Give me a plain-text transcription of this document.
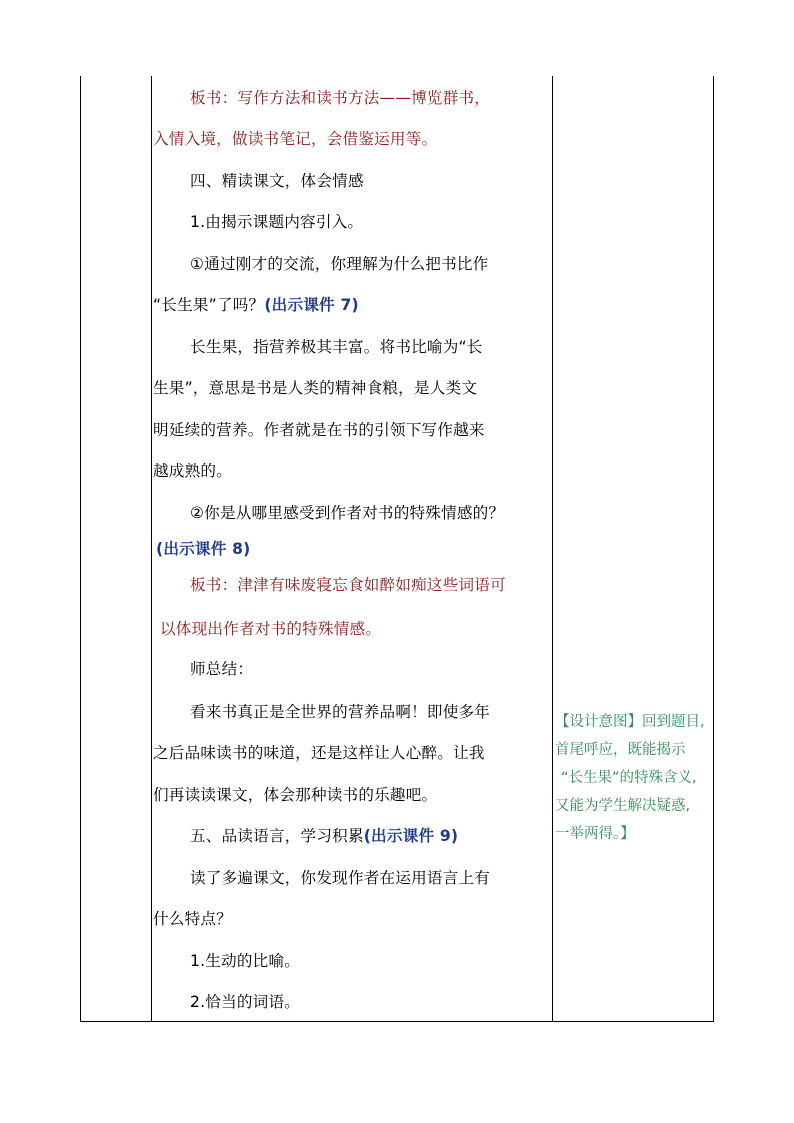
板书：写作方法和读书方法——博览群书，
入情入境，做读书笔记，会借鉴运用等。
四、精读课文，体会情感
1.由揭示课题内容引入。
①通过刚才的交流，你理解为什么把书比作
“长生果”了吗？(出示课件 7)
长生果，指营养极其丰富。将书比喻为“长
生果”，意思是书是人类的精神食粮，是人类文
明延续的营养。作者就是在书的引领下写作越来
越成熟的。
②你是从哪里感受到作者对书的特殊情感的？
(出示课件 8)
板书：津津有味废寝忘食如醉如痴这些词语可
以体现出作者对书的特殊情感。
师总结：
看来书真正是全世界的营养品啊！即使多年
之后品味读书的味道，还是这样让人心醉。让我
们再读读课文，体会那种读书的乐趣吧。
五、品读语言，学习积累(出示课件 9)
读了多遍课文，你发现作者在运用语言上有
什么特点？
1.生动的比喻。
2.恰当的词语。
【设计意图】回到题目,
首尾呼应，既能揭示
“长生果”的特殊含义,
又能为学生解决疑惑,
一举两得。】
